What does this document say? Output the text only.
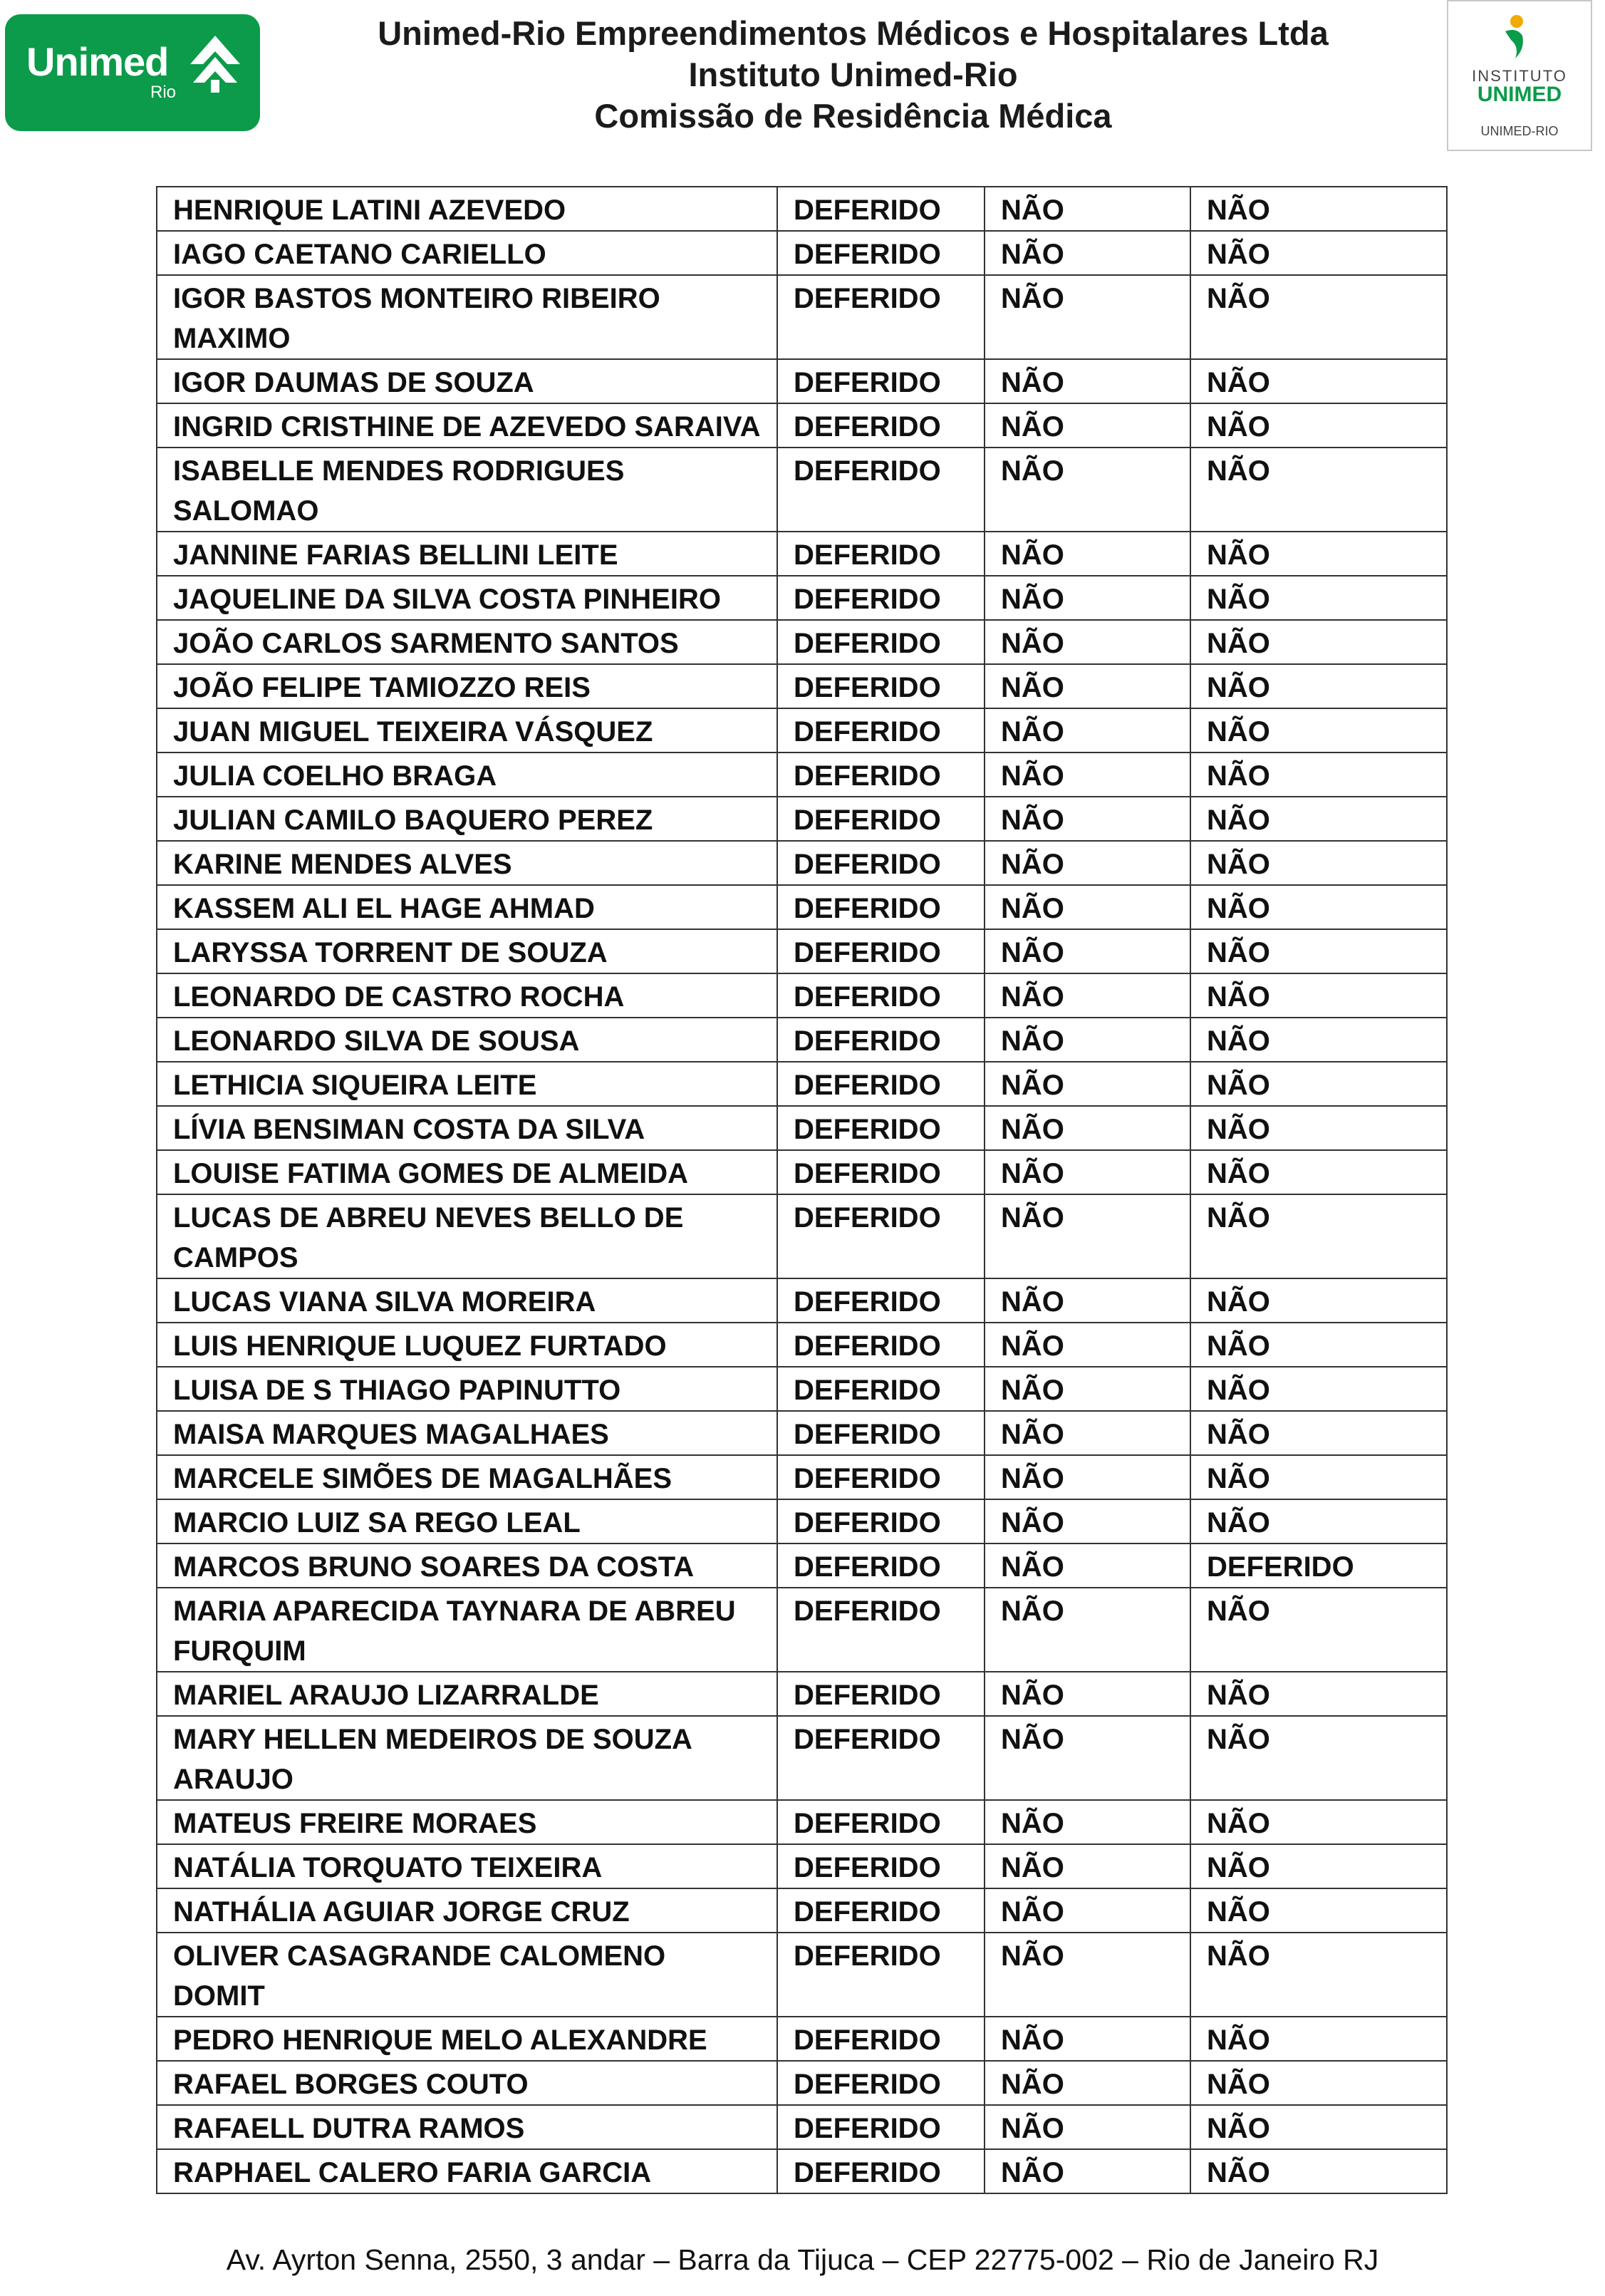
Unimed
Rio
Unimed-Rio Empreendimentos Médicos e Hospitalares Ltda
Instituto Unimed-Rio
Comissão de Residência Médica
INSTITUTO
UNIMED
UNIMED-RIO
HENRIQUE LATINI AZEVEDO	DEFERIDO	NÃO	NÃO
IAGO CAETANO CARIELLO	DEFERIDO	NÃO	NÃO
IGOR BASTOS MONTEIRO RIBEIRO MAXIMO	DEFERIDO	NÃO	NÃO
IGOR DAUMAS DE SOUZA	DEFERIDO	NÃO	NÃO
INGRID CRISTHINE DE AZEVEDO SARAIVA	DEFERIDO	NÃO	NÃO
ISABELLE MENDES RODRIGUES SALOMAO	DEFERIDO	NÃO	NÃO
JANNINE FARIAS BELLINI LEITE	DEFERIDO	NÃO	NÃO
JAQUELINE DA SILVA COSTA PINHEIRO	DEFERIDO	NÃO	NÃO
JOÃO CARLOS SARMENTO SANTOS	DEFERIDO	NÃO	NÃO
JOÃO FELIPE TAMIOZZO REIS	DEFERIDO	NÃO	NÃO
JUAN MIGUEL TEIXEIRA VÁSQUEZ	DEFERIDO	NÃO	NÃO
JULIA COELHO BRAGA	DEFERIDO	NÃO	NÃO
JULIAN CAMILO BAQUERO PEREZ	DEFERIDO	NÃO	NÃO
KARINE MENDES ALVES	DEFERIDO	NÃO	NÃO
KASSEM ALI EL HAGE AHMAD	DEFERIDO	NÃO	NÃO
LARYSSA TORRENT DE SOUZA	DEFERIDO	NÃO	NÃO
LEONARDO DE CASTRO ROCHA	DEFERIDO	NÃO	NÃO
LEONARDO SILVA DE SOUSA	DEFERIDO	NÃO	NÃO
LETHICIA SIQUEIRA LEITE	DEFERIDO	NÃO	NÃO
LÍVIA BENSIMAN COSTA DA SILVA	DEFERIDO	NÃO	NÃO
LOUISE FATIMA GOMES DE ALMEIDA	DEFERIDO	NÃO	NÃO
LUCAS DE ABREU NEVES BELLO DE CAMPOS	DEFERIDO	NÃO	NÃO
LUCAS VIANA SILVA MOREIRA	DEFERIDO	NÃO	NÃO
LUIS HENRIQUE LUQUEZ FURTADO	DEFERIDO	NÃO	NÃO
LUISA DE S THIAGO PAPINUTTO	DEFERIDO	NÃO	NÃO
MAISA MARQUES MAGALHAES	DEFERIDO	NÃO	NÃO
MARCELE SIMÕES DE MAGALHÃES	DEFERIDO	NÃO	NÃO
MARCIO LUIZ SA REGO LEAL	DEFERIDO	NÃO	NÃO
MARCOS BRUNO SOARES DA COSTA	DEFERIDO	NÃO	DEFERIDO
MARIA APARECIDA TAYNARA DE ABREU FURQUIM	DEFERIDO	NÃO	NÃO
MARIEL ARAUJO LIZARRALDE	DEFERIDO	NÃO	NÃO
MARY HELLEN MEDEIROS DE SOUZA ARAUJO	DEFERIDO	NÃO	NÃO
MATEUS FREIRE MORAES	DEFERIDO	NÃO	NÃO
NATÁLIA TORQUATO TEIXEIRA	DEFERIDO	NÃO	NÃO
NATHÁLIA AGUIAR JORGE CRUZ	DEFERIDO	NÃO	NÃO
OLIVER CASAGRANDE CALOMENO DOMIT	DEFERIDO	NÃO	NÃO
PEDRO HENRIQUE MELO ALEXANDRE	DEFERIDO	NÃO	NÃO
RAFAEL BORGES COUTO	DEFERIDO	NÃO	NÃO
RAFAELL DUTRA RAMOS	DEFERIDO	NÃO	NÃO
RAPHAEL CALERO FARIA GARCIA	DEFERIDO	NÃO	NÃO
Av. Ayrton Senna, 2550, 3 andar – Barra da Tijuca – CEP 22775-002 – Rio de Janeiro RJ
